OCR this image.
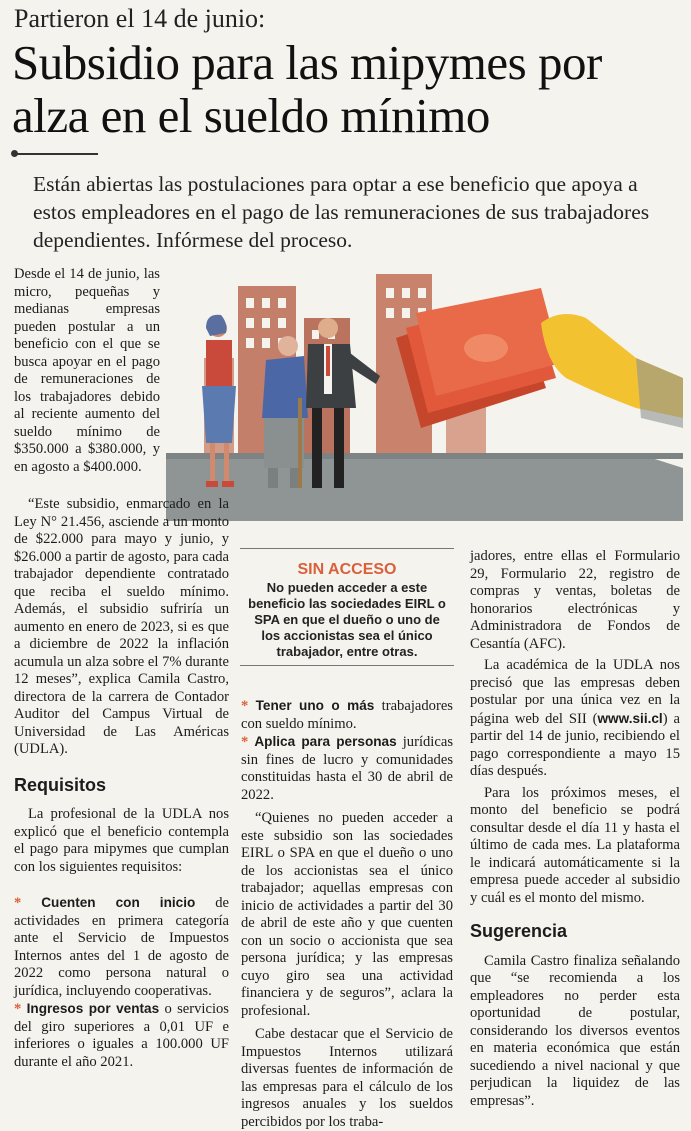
Partieron el 14 de junio:
Subsidio para las mipymes por alza en el sueldo mínimo
Están abiertas las postulaciones para optar a ese beneficio que apoya a estos empleadores en el pago de las remuneraciones de sus trabajadores dependientes. Infórmese del proceso.

Desde el 14 de junio, las micro, pequeñas y medianas empresas pueden postular a un beneficio con el que se busca apoyar en el pago de remuneraciones de los trabajadores debido al reciente aumento del sueldo mínimo de $350.000 a $380.000, y en agosto a $400.000.

“Este subsidio, enmarcado en la Ley N° 21.456, asciende a un monto de $22.000 para mayo y junio, y $26.000 a partir de agosto, para cada trabajador dependiente contratado que reciba el sueldo mínimo. Además, el subsidio sufriría un aumento en enero de 2023, si es que a diciembre de 2022 la inflación acumula un alza sobre el 7% durante 12 meses”, explica Camila Castro, directora de la carrera de Contador Auditor del Campus Virtual de Universidad de Las Américas (UDLA).

Requisitos

La profesional de la UDLA nos explicó que el beneficio contempla el pago para mipymes que cumplan con los siguientes requisitos:

* Cuenten con inicio de actividades en primera categoría ante el Servicio de Impuestos Internos antes del 1 de agosto de 2022 como persona natural o jurídica, incluyendo cooperativas.

* Ingresos por ventas o servicios del giro superiores a 0,01 UF e inferiores o iguales a 100.000 UF durante el año 2021.

SIN ACCESO
No pueden acceder a este beneficio las sociedades EIRL o SPA en que el dueño o uno de los accionistas sea el único trabajador, entre otras.

* Tener uno o más trabajadores con sueldo mínimo.

* Aplica para personas jurídicas sin fines de lucro y comunidades constituidas hasta el 30 de abril de 2022.

“Quienes no pueden acceder a este subsidio son las sociedades EIRL o SPA en que el dueño o uno de los accionistas sea el único trabajador; aquellas empresas con inicio de actividades a partir del 30 de abril de este año y que cuenten con un socio o accionista que sea persona jurídica; y las empresas cuyo giro sea una actividad financiera y de seguros”, aclara la profesional.

Cabe destacar que el Servicio de Impuestos Internos utilizará diversas fuentes de información de las empresas para el cálculo de los ingresos anuales y los sueldos percibidos por los traba-

jadores, entre ellas el Formulario 29, Formulario 22, registro de compras y ventas, boletas de honorarios electrónicas y Administradora de Fondos de Cesantía (AFC).

La académica de la UDLA nos precisó que las empresas deben postular por una única vez en la página web del SII (www.sii.cl) a partir del 14 de junio, recibiendo el pago correspondiente a mayo 15 días después.

Para los próximos meses, el monto del beneficio se podrá consultar desde el día 11 y hasta el último de cada mes. La plataforma le indicará automáticamente si la empresa puede acceder al subsidio y cuál es el monto del mismo.

Sugerencia

Camila Castro finaliza señalando que “se recomienda a los empleadores no perder esta oportunidad de postular, considerando los diversos eventos en materia económica que están sucediendo a nivel nacional y que perjudican la liquidez de las empresas”.
